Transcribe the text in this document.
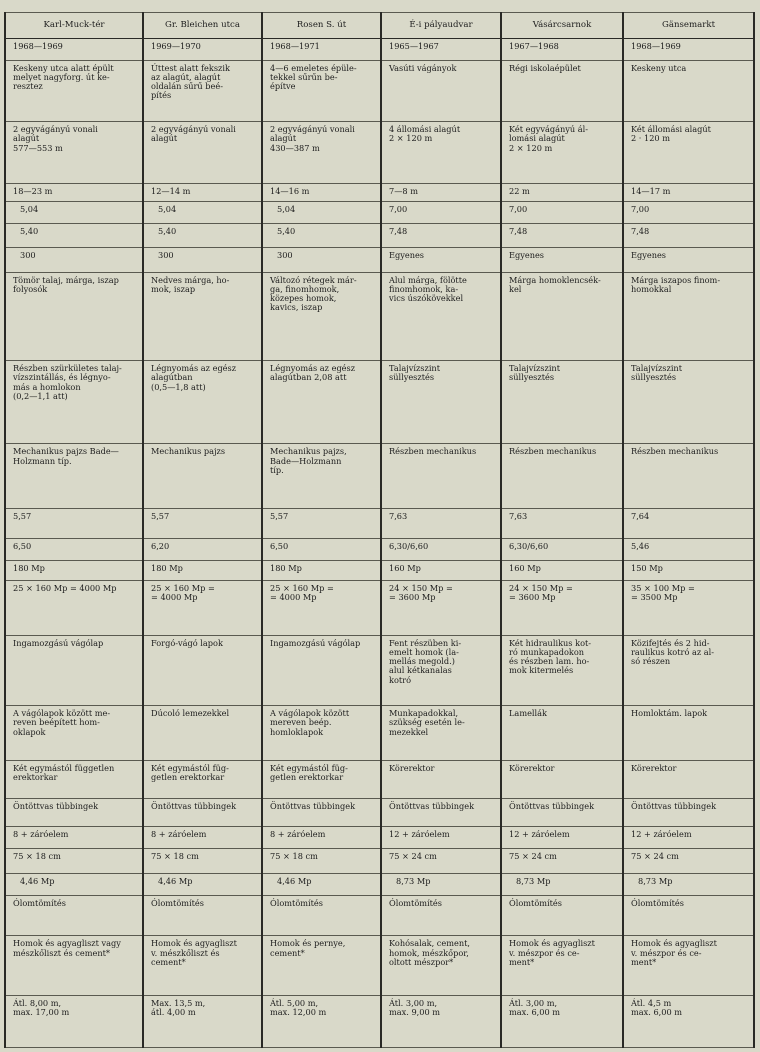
Karl-Muck-tér	Gr. Bleichen utca	Rosen S. út	É-i pályaudvar	Vásárcsarnok	Gänsemarkt
1968—1969	1969—1970	1968—1971	1965—1967	1967—1968	1968—1969
Keskeny utca alatt épült
melyet nagyforg. út ke-
resztez	Úttest alatt fekszik
az alagút, alagút
oldalán sűrű beé-
pítés	4—6 emeletes épüle-
tekkel sűrűn be-
építve	Vasúti vágányok	Régi iskolaépület	Keskeny utca
2 egyvágányú vonali
alagút
577—553 m	2 egyvágányú vonali
alagút	2 egyvágányú vonali
alagút
430—387 m	4 állomási alagút
2 × 120 m	Két egyvágányú ál-
lomási alagút
2 × 120 m	Két állomási alagút
2 · 120 m
18—23 m	12—14 m	14—16 m	7—8 m	22 m	14—17 m
5,04	5,04	5,04	7,00	7,00	7,00
5,40	5,40	5,40	7,48	7,48	7,48
300	300	300	Egyenes	Egyenes	Egyenes
Tömör talaj, márga, iszap
folyosók	Nedves márga, ho-
mok, iszap	Változó rétegek már-
ga, finomhomok,
közepes homok,
kavics, iszap	Alul márga, fölötte
finomhomok, ka-
vics úszókövekkel	Márga homoklencsék-
kel	Márga iszapos finom-
homokkal
Részben szürkületes talaj-
vízszintállás, és légnyo-
más a homlokon
(0,2—1,1 att)	Légnyomás az egész
alagútban
(0,5—1,8 att)	Légnyomás az egész
alagútban 2,08 att	Talajvízszint
süllyesztés	Talajvízszint
süllyesztés	Talajvízszint
süllyesztés
Mechanikus pajzs Bade—
Holzmann típ.	Mechanikus pajzs	Mechanikus pajzs,
Bade—Holzmann
típ.	Részben mechanikus	Részben mechanikus	Részben mechanikus
5,57	5,57	5,57	7,63	7,63	7,64
6,50	6,20	6,50	6,30/6,60	6,30/6,60	5,46
180 Mp	180 Mp	180 Mp	160 Mp	160 Mp	150 Mp
25 × 160 Mp = 4000 Mp	25 × 160 Mp =
= 4000 Mp	25 × 160 Mp =
= 4000 Mp	24 × 150 Mp =
= 3600 Mp	24 × 150 Mp =
= 3600 Mp	35 × 100 Mp =
= 3500 Mp
Ingamozgású vágólap	Forgó-vágó lapok	Ingamozgású vágólap	Fent részüben ki-
emelt homok (la-
mellás megold.)
alul kétkanalas
kotró	Két hidraulikus kot-
ró munkapadokon
és részben lam. ho-
mok kitermelés	Közifejtés és 2 hid-
raulikus kotró az al-
só részen
A vágólapok között me-
reven beépített hom-
oklapok	Dúcoló lemezekkel	A vágólapok között
mereven beép.
homloklapok	Munkapadokkal,
szükség esetén le-
mezekkel	Lamellák	Homloktám. lapok
Két egymástól független
erektorkar	Két egymástól füg-
getlen erektorkar	Két egymástól füg-
getlen erektorkar	Körerektor	Körerektor	Körerektor
Öntöttvas tübbingek	Öntöttvas tübbingek	Öntöttvas tübbingek	Öntöttvas tübbingek	Öntöttvas tübbingek	Öntöttvas tübbingek
8 + záróelem	8 + záróelem	8 + záróelem	12 + záróelem	12 + záróelem	12 + záróelem
75 × 18 cm	75 × 18 cm	75 × 18 cm	75 × 24 cm	75 × 24 cm	75 × 24 cm
4,46 Mp	4,46 Mp	4,46 Mp	8,73 Mp	8,73 Mp	8,73 Mp
Ólomtömítés	Ólomtömítés	Ólomtömítés	Ólomtömítés	Ólomtömítés	Ólomtömítés
Homok és agyagliszt vagy
mészkőliszt és cement*	Homok és agyagliszt
v. mészkőliszt és
cement*	Homok és pernye,
cement*	Kohósalak, cement,
homok, mészkőpor,
oltott mészpor*	Homok és agyagliszt
v. mészpor és ce-
ment*	Homok és agyagliszt
v. mészpor és ce-
ment*
Átl. 8,00 m,
max. 17,00 m	Max. 13,5 m,
átl. 4,00 m	Átl. 5,00 m,
max. 12,00 m	Átl. 3,00 m,
max. 9,00 m	Átl. 3,00 m,
max. 6,00 m	Átl. 4,5 m
max. 6,00 m
